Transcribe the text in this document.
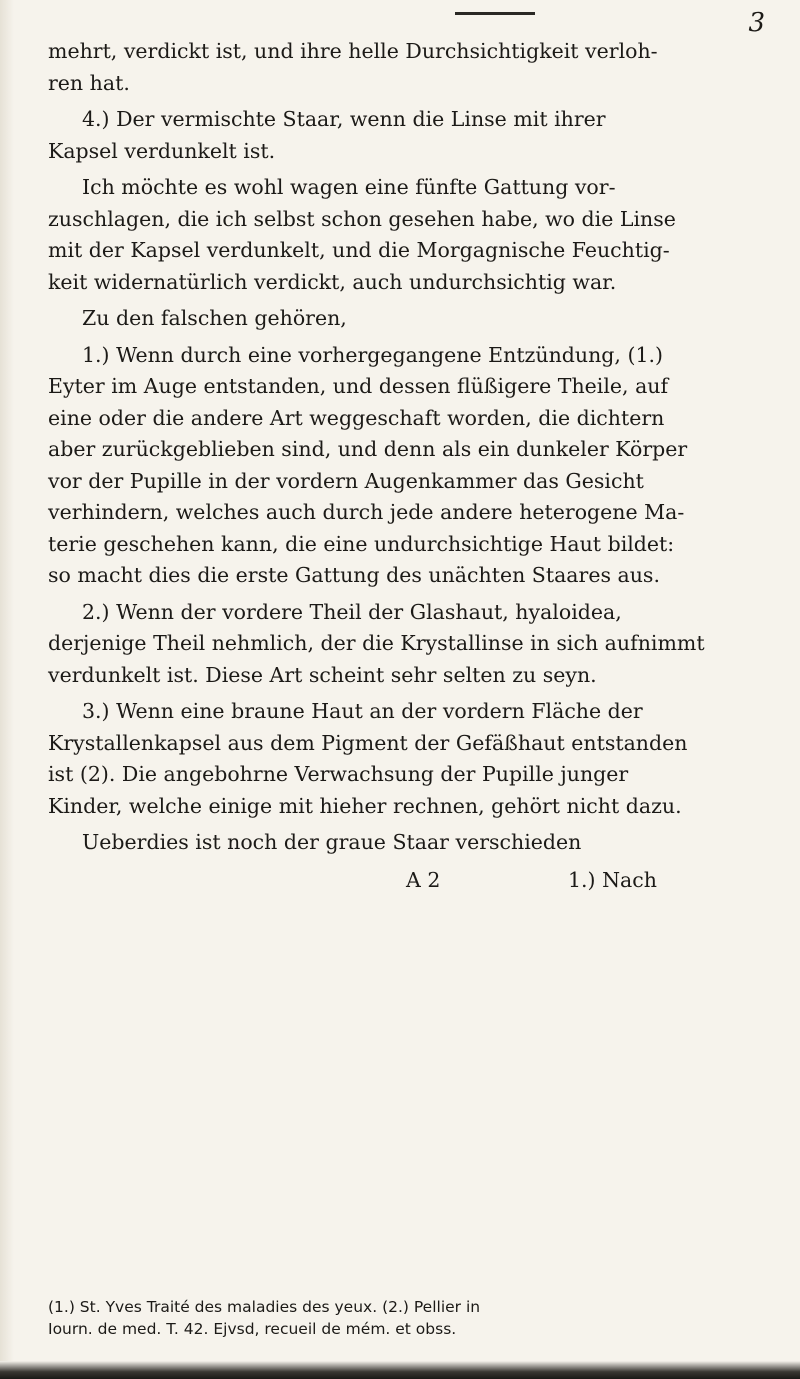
3

mehrt, verdickt ist, und ihre helle Durchsichtigkeit verloh-

ren hat.

4.) Der vermischte Staar, wenn die Linse mit ihrer

Kapsel verdunkelt ist.

Ich möchte es wohl wagen eine fünfte Gattung vor-

zuschlagen, die ich selbst schon gesehen habe, wo die Linse

mit der Kapsel verdunkelt, und die Morgagnische Feuchtig-

keit widernatürlich verdickt, auch undurchsichtig war.

Zu den falschen gehören,

1.) Wenn durch eine vorhergegangene Entzündung, (1.)

Eyter im Auge entstanden, und dessen flüßigere Theile, auf

eine oder die andere Art weggeschaft worden, die dichtern

aber zurückgeblieben sind, und denn als ein dunkeler Körper

vor der Pupille in der vordern Augenkammer das Gesicht

verhindern, welches auch durch jede andere heterogene Ma-

terie geschehen kann, die eine undurchsichtige Haut bildet:

so macht dies die erste Gattung des unächten Staares aus.

2.) Wenn der vordere Theil der Glashaut, hyaloidea,

derjenige Theil nehmlich, der die Krystallinse in sich aufnimmt

verdunkelt ist. Diese Art scheint sehr selten zu seyn.

3.) Wenn eine braune Haut an der vordern Fläche der

Krystallenkapsel aus dem Pigment der Gefäßhaut entstanden

ist (2). Die angebohrne Verwachsung der Pupille junger

Kinder, welche einige mit hieher rechnen, gehört nicht dazu.

Ueberdies ist noch der graue Staar verschieden

A 2	1.) Nach

(1.) St. Yves Traité des maladies des yeux. (2.) Pellier in

Iourn. de med. T. 42. Ejvsd, recueil de mém. et obss.
